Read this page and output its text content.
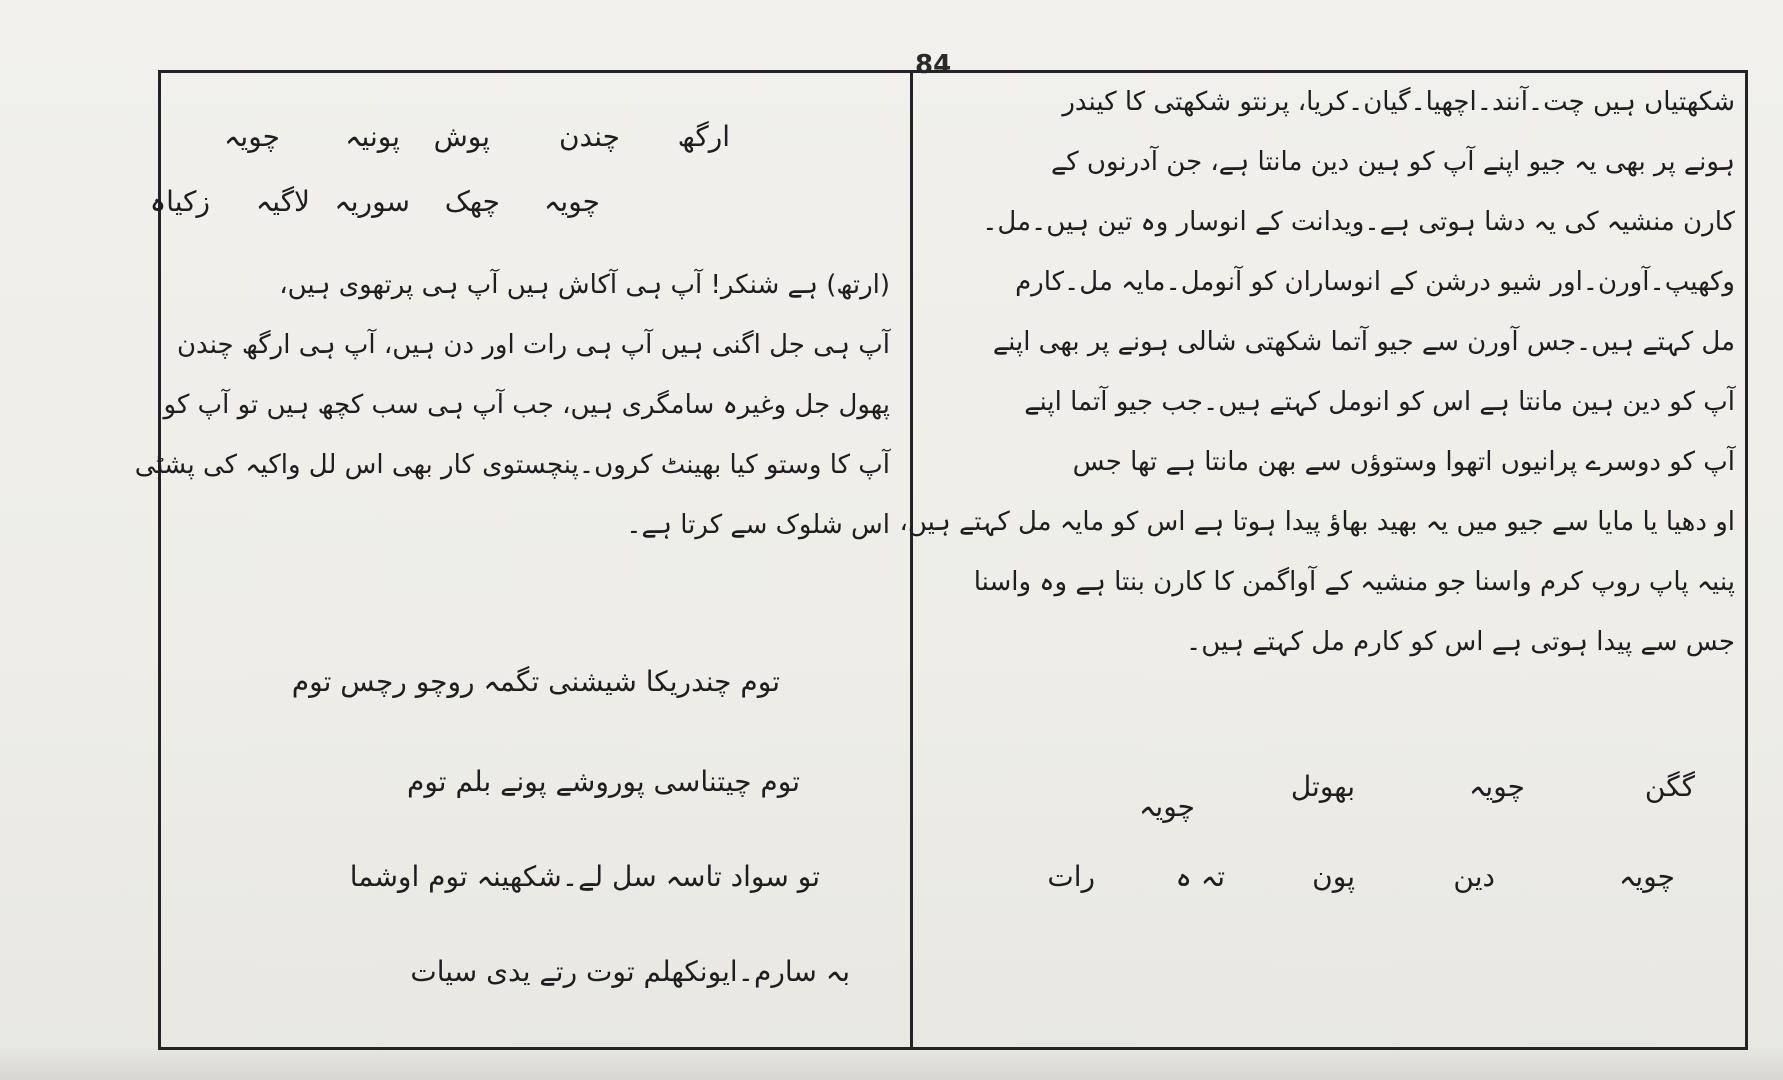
84
شکھتیاں ہیں چت۔آنند۔اچھیا۔گیان۔کریا، پرنتو شکھتی کا کیندر
ہونے پر بھی یہ جیو اپنے آپ کو ہین دین مانتا ہے، جن آدرنوں کے
کارن منشیہ کی یہ دشا ہوتی ہے۔ویدانت کے انوسار وہ تین ہیں۔مل۔
وکھیپ۔آورن۔اور شیو درشن کے انوساران کو آنومل۔مایہ مل۔کارم
مل کہتے ہیں۔جس آورن سے جیو آتما شکھتی شالی ہونے پر بھی اپنے
آپ کو دین ہین مانتا ہے اس کو انومل کہتے ہیں۔جب جیو آتما اپنے
آپ کو دوسرے پرانیوں اتھوا وستوؤں سے بھن مانتا ہے تھا جس
او دھیا یا مایا سے جیو میں یہ بھید بھاؤ پیدا ہوتا ہے اس کو مایہ مل کہتے ہیں،
پنیہ پاپ روپ کرم واسنا جو منشیہ کے آواگمن کا کارن بنتا ہے وہ واسنا
جس سے پیدا ہوتی ہے اس کو کارم مل کہتے ہیں۔
گگن
چویہ
بھوتل
چویہ
چویہ
دین
پون
تہ ہ
رات
ارگھ
چندن
پوش
پونیہ
چویہ
چویہ
چھک
سوریہ
لاگیہ
زکیاہ
(ارتھ) ہے شنکر! آپ ہی آکاش ہیں آپ ہی پرتھوی ہیں،
آپ ہی جل اگنی ہیں آپ ہی رات اور دن ہیں، آپ ہی ارگھ چندن
پھول جل وغیرہ سامگری ہیں، جب آپ ہی سب کچھ ہیں تو آپ کو
آپ کا وستو کیا بھینٹ کروں۔پنچستوی کار بھی اس لل واکیہ کی پشٹی
اس شلوک سے کرتا ہے۔
توم چندریکا شیشنی تگمہ روچو رچس توم
توم چیتناسی پوروشے پونے بلم توم
تو سواد تاسہ سل لے۔شکھینہ توم اوشما
بہ سارم۔ایونکھلم توت رتے یدی سیات
